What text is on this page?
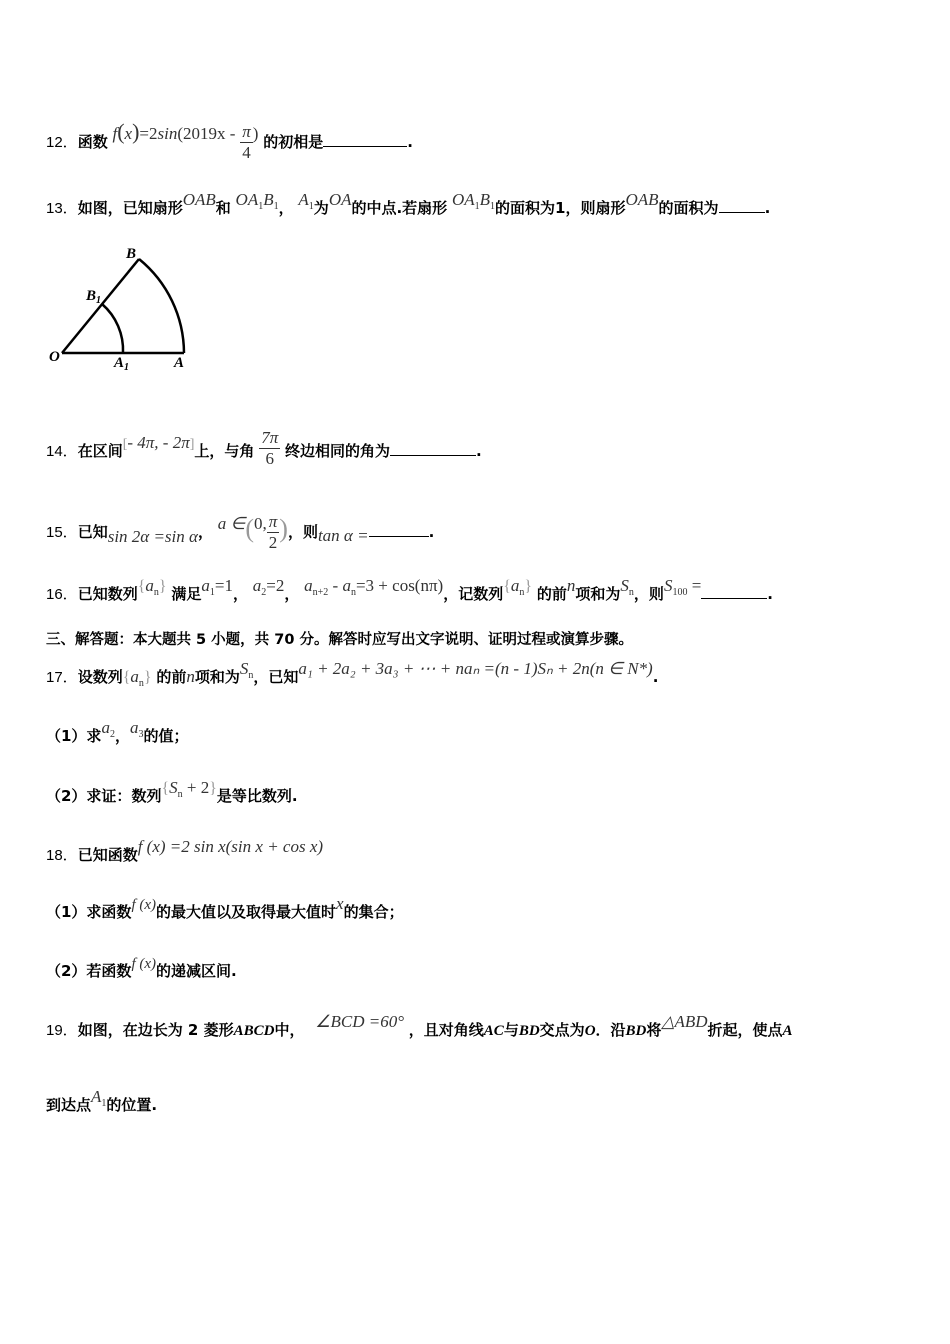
12．函数 $f(x)=2\sin(2019x - \frac{\pi}{4}$ ) 的初相是	.
13．如图，已知扇形OAB和 $OA_1B_1$， $A_1$为OA的中点.若扇形 $OA_1B_1$的面积为1，则扇形OAB的面积为	.
B
$B_1$
O	$A_1$	A
14．在区间[- 4π, - 2π]上，与角 $\frac{7\pi}{6}$ 终边相同的角为	.
15．已知sin 2α =sin α， a ∈(0, $\frac{\pi}{2}$ )，则tan α =	.
16．已知数列$\{a_n\}$ 满足$a_1=1$， $a_2=2$， $a_{n+2} - a_n=3 + \cos(n\pi)$，记数列$\{a_n\}$ 的前n项和为$S_n$，则$S_{100}$ =	.
三、解答题：本大题共 5 小题，共 70 分。解答时应写出文字说明、证明过程或演算步骤。
17．设数列$\{a_n\}$ 的前n项和为$S_n$，已知a₁ + 2a₂ + 3a₃ + ⋯ + naₙ =(n - 1)Sₙ + 2n(n ∈ N*).
（1）求$a_2$，$a_3$的值；
（2）求证：数列$\{S_n + 2\}$是等比数列.
18．已知函数f (x) =2 sin x(sin x + cos x)
（1）求函数f (x)的最大值以及取得最大值时x的集合；
（2）若函数f (x)的递减区间.
19．如图，在边长为 2 菱形ABCD中， ∠BCD =60° ，且对角线AC与BD交点为O．沿BD将△ABD折起，使点A
到达点$A_1$的位置.
